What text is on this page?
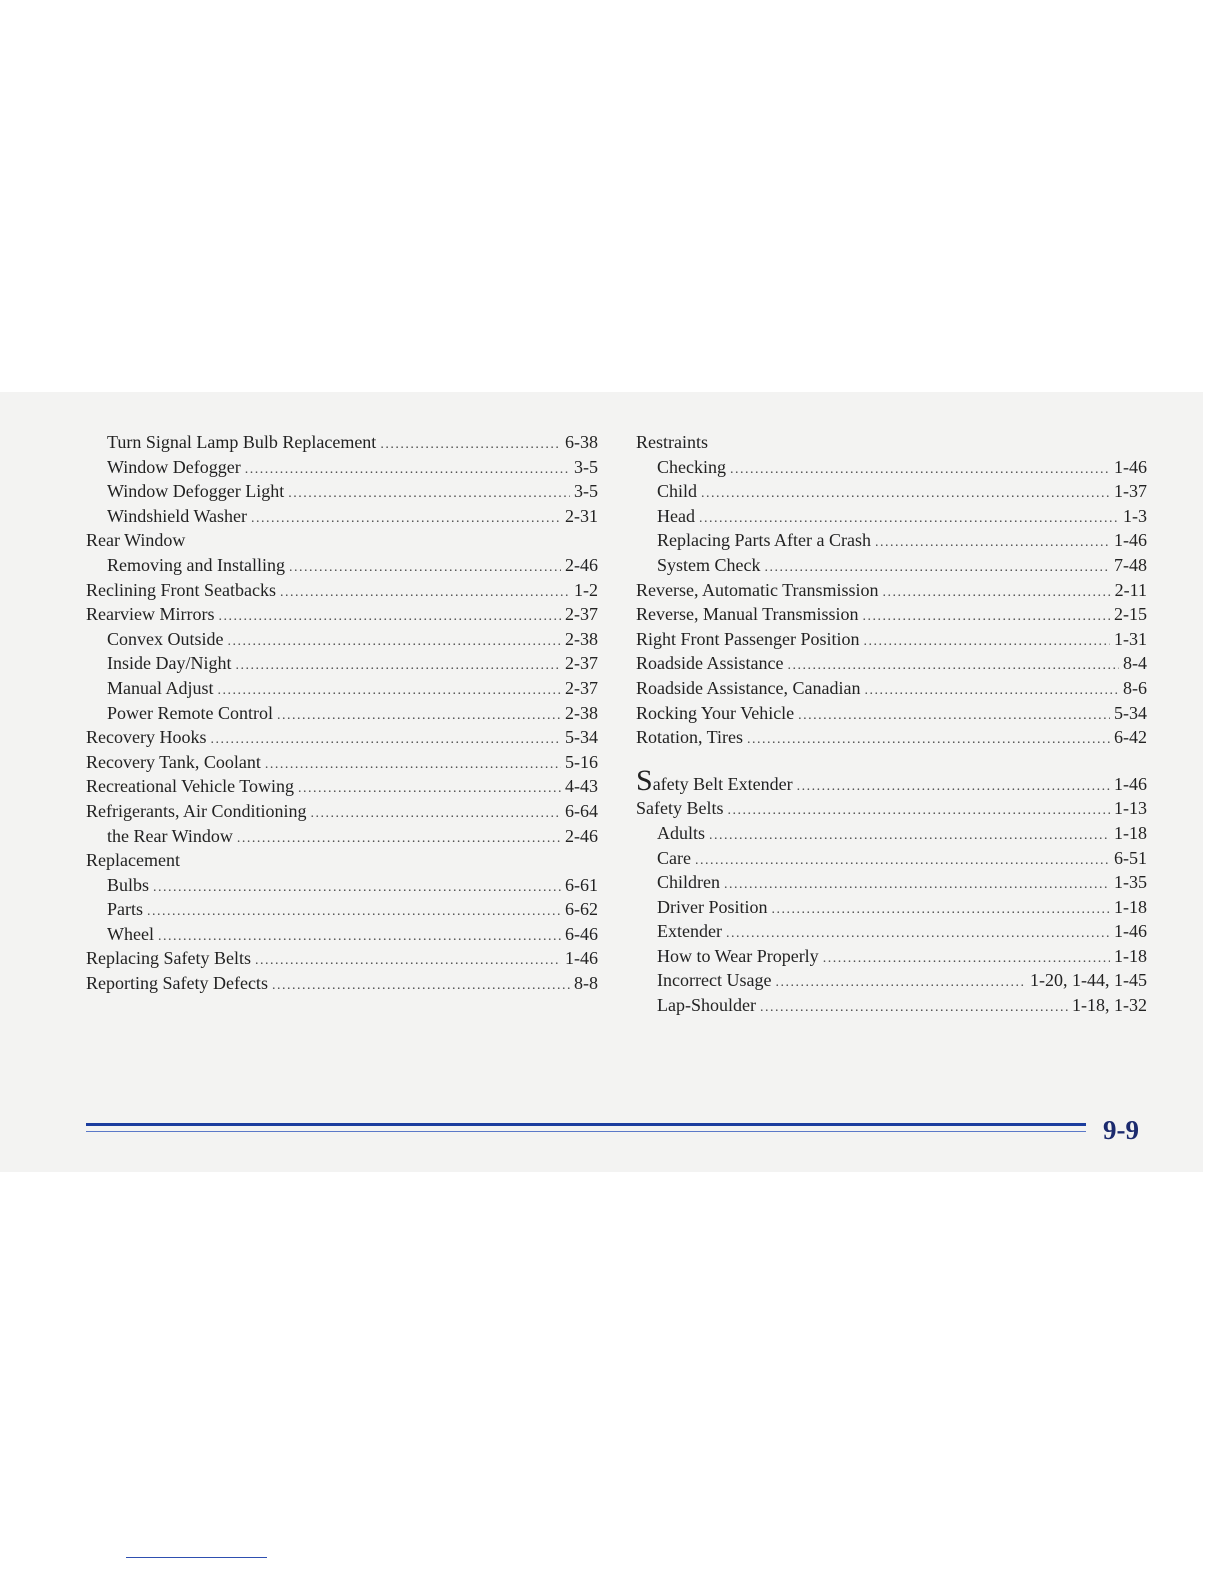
Turn Signal Lamp Bulb Replacement .....	6-38
Window Defogger .....	3-5
Window Defogger Light .....	3-5
Windshield Washer .....	2-31
Rear Window
Removing and Installing .....	2-46
Reclining Front Seatbacks .....	1-2
Rearview Mirrors .....	2-37
Convex Outside .....	2-38
Inside Day/Night .....	2-37
Manual Adjust .....	2-37
Power Remote Control .....	2-38
Recovery Hooks .....	5-34
Recovery Tank, Coolant .....	5-16
Recreational Vehicle Towing .....	4-43
Refrigerants, Air Conditioning .....	6-64
the Rear Window .....	2-46
Replacement
Bulbs .....	6-61
Parts .....	6-62
Wheel .....	6-46
Replacing Safety Belts .....	1-46
Reporting Safety Defects .....	8-8
Restraints
Checking .....	1-46
Child .....	1-37
Head .....	1-3
Replacing Parts After a Crash .....	1-46
System Check .....	7-48
Reverse, Automatic Transmission .....	2-11
Reverse, Manual Transmission .....	2-15
Right Front Passenger Position .....	1-31
Roadside Assistance .....	8-4
Roadside Assistance, Canadian .....	8-6
Rocking Your Vehicle .....	5-34
Rotation, Tires .....	6-42
Safety Belt Extender .....	1-46
Safety Belts .....	1-13
Adults .....	1-18
Care .....	6-51
Children .....	1-35
Driver Position .....	1-18
Extender .....	1-46
How to Wear Properly .....	1-18
Incorrect Usage .....	1-20, 1-44, 1-45
Lap-Shoulder .....	1-18, 1-32
9-9
